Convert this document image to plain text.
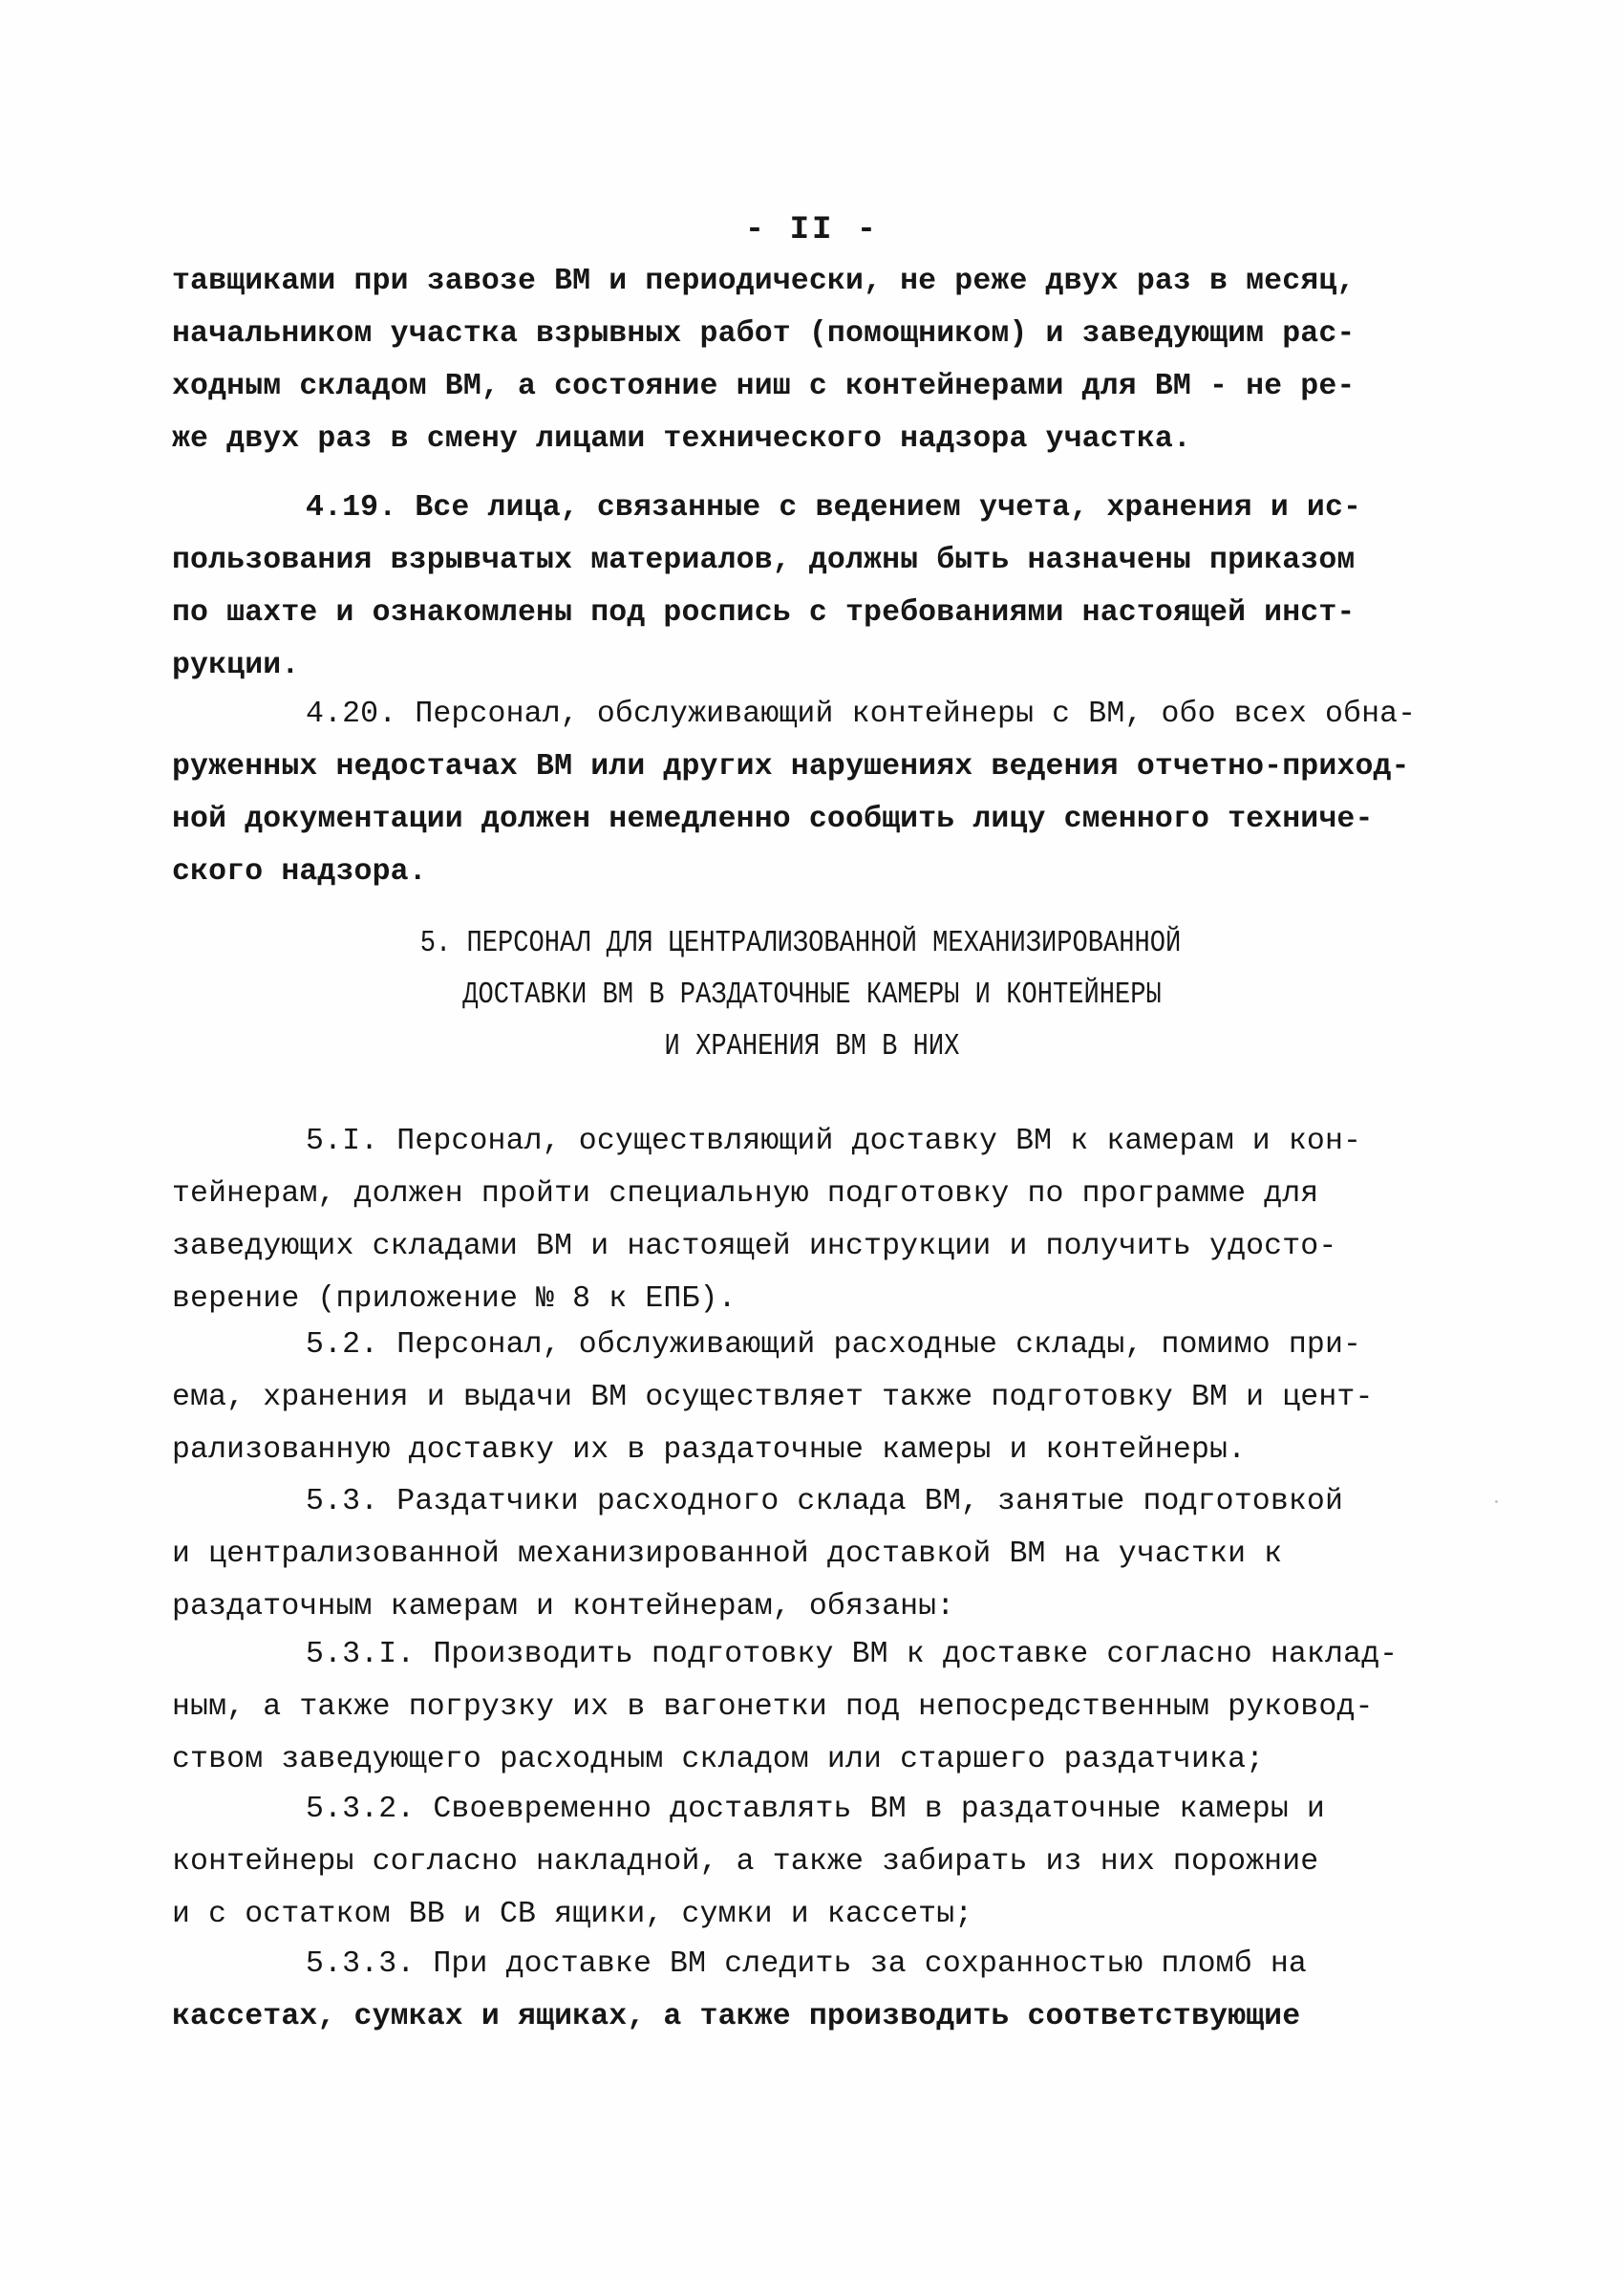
- II -
тавщиками при завозе ВМ и периодически, не реже двух раз в месяц,
начальником участка взрывных работ (помощником) и заведующим рас-
ходным складом ВМ, а состояние ниш с контейнерами для ВМ - не ре-
же двух раз в смену лицами технического надзора участка.
4.19. Все лица, связанные с ведением учета, хранения и ис-
пользования взрывчатых материалов, должны быть назначены приказом
по шахте и ознакомлены под роспись с требованиями настоящей инст-
рукции.
4.20. Персонал, обслуживающий контейнеры с ВМ, обо всех обна-
руженных недостачах ВМ или других нарушениях ведения отчетно-приход-
ной документации должен немедленно сообщить лицу сменного техниче-
ского надзора.
5. ПЕРСОНАЛ ДЛЯ ЦЕНТРАЛИЗОВАННОЙ МЕХАНИЗИРОВАННОЙ
ДОСТАВКИ ВМ В РАЗДАТОЧНЫЕ КАМЕРЫ И КОНТЕЙНЕРЫ
И ХРАНЕНИЯ ВМ В НИХ
5.I. Персонал, осуществляющий доставку ВМ к камерам и кон-
тейнерам, должен пройти специальную подготовку по программе для
заведующих складами ВМ и настоящей инструкции и получить удосто-
верение (приложение № 8 к ЕПБ).
5.2. Персонал, обслуживающий расходные склады, помимо при-
ема, хранения и выдачи ВМ осуществляет также подготовку ВМ и цент-
рализованную доставку их в раздаточные камеры и контейнеры.
5.3. Раздатчики расходного склада ВМ, занятые подготовкой
и централизованной механизированной доставкой ВМ на участки к
раздаточным камерам и контейнерам, обязаны:
5.3.I. Производить подготовку ВМ к доставке согласно наклад-
ным, а также погрузку их в вагонетки под непосредственным руковод-
ством заведующего расходным складом или старшего раздатчика;
5.3.2. Своевременно доставлять ВМ в раздаточные камеры и
контейнеры согласно накладной, а также забирать из них порожние
и с остатком ВВ и СВ ящики, сумки и кассеты;
5.3.3. При доставке ВМ следить за сохранностью пломб на
кассетах, сумках и ящиках, а также производить соответствующие
